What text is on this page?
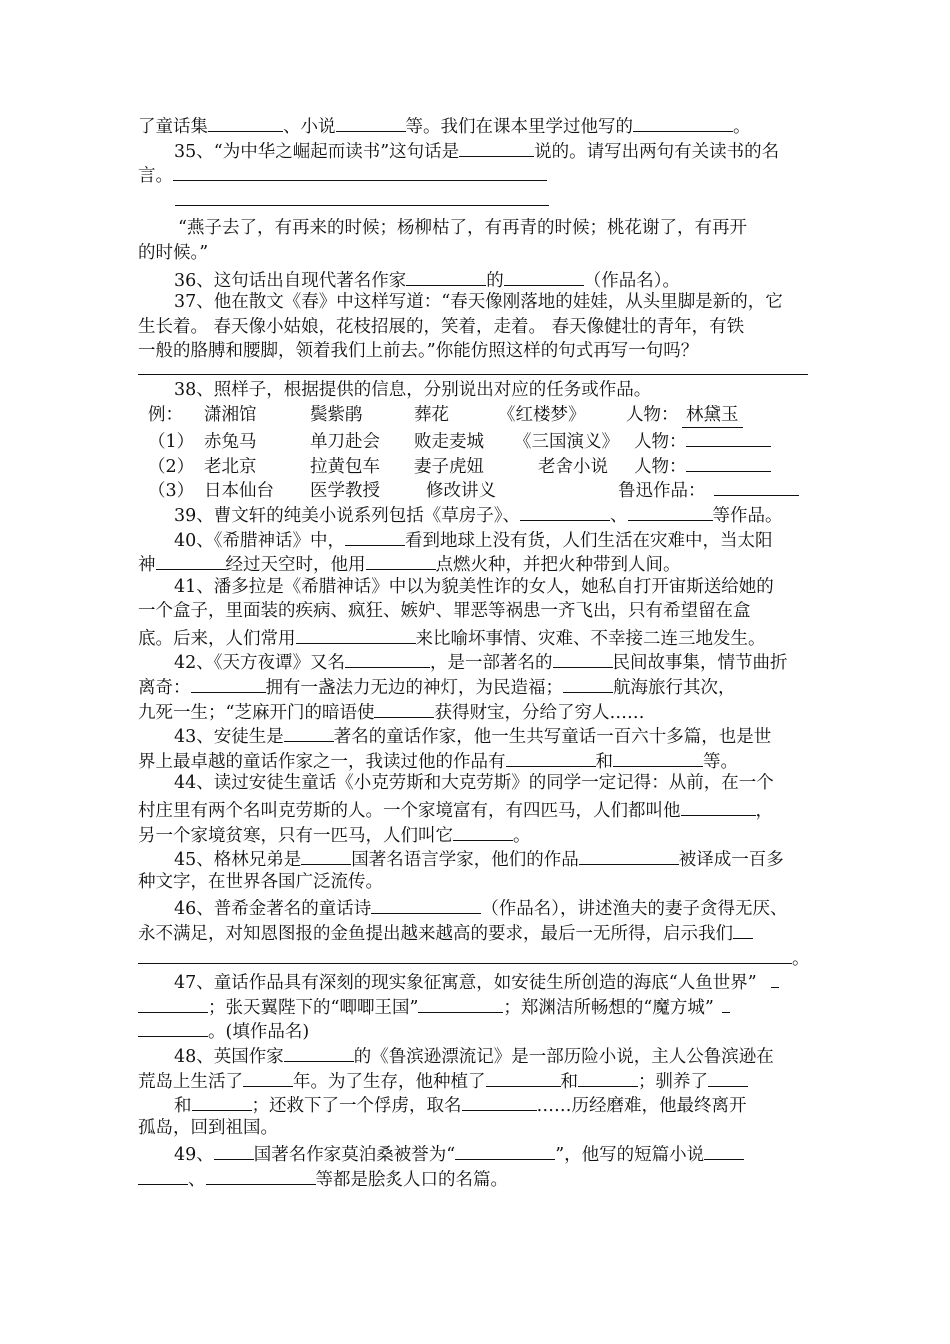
了童话集	、小说	等。我们在课本里学过他写的	。
35、“为中华之崛起而读书”这句话是	说的。请写出两句有关读书的名
言。
“燕子去了，有再来的时候；杨柳枯了，有再青的时候；桃花谢了，有再开
的时候。”
36、这句话出自现代著名作家	的	（作品名）。
37、他在散文《春》中这样写道：“春天像刚落地的娃娃，从头里脚是新的，它
生长着。 春天像小姑娘，花枝招展的，笑着，走着。 春天像健壮的青年，有铁
一般的胳膊和腰脚，领着我们上前去。”你能仿照这样的句式再写一句吗？
38、照样子，根据提供的信息，分别说出对应的任务或作品。
例： 潇湘馆	鬓紫鹃	葬花	《红楼梦》 人物： 林黛玉
（1） 赤兔马	单刀赴会 败走麦城 《三国演义》 人物：
（2） 老北京	拉黄包车 妻子虎妞	老舍小说 人物：
（3） 日本仙台 医学教授	修改讲义	鲁迅作品：
39、曹文轩的纯美小说系列包括《草房子》、	、	等作品。
40、《希腊神话》中，	看到地球上没有货，人们生活在灾难中，当太阳
神	经过天空时，他用	点燃火种，并把火种带到人间。
41、潘多拉是《希腊神话》中以为貌美性诈的女人，她私自打开宙斯送给她的
一个盒子，里面装的疾病、疯狂、嫉妒、罪恶等祸患一齐飞出，只有希望留在盒
底。后来，人们常用	来比喻坏事情、灾难、不幸接二连三地发生。
42、《天方夜谭》又名	，是一部著名的	民间故事集，情节曲折
离奇：	拥有一盏法力无边的神灯，为民造福；	航海旅行其次，
九死一生；“芝麻开门的暗语使	获得财宝，分给了穷人……
43、安徒生是	著名的童话作家，他一生共写童话一百六十多篇，也是世
界上最卓越的童话作家之一，我读过他的作品有	和	等。
44、读过安徒生童话《小克劳斯和大克劳斯》的同学一定记得：从前，在一个
村庄里有两个名叫克劳斯的人。一个家境富有，有四匹马，人们都叫他	，
另一个家境贫寒，只有一匹马，人们叫它	。
45、格林兄弟是	国著名语言学家，他们的作品	被译成一百多
种文字，在世界各国广泛流传。
46、普希金著名的童话诗	（作品名），讲述渔夫的妻子贪得无厌、
永不满足，对知恩图报的金鱼提出越来越高的要求，最后一无所得，启示我们
。
47、童话作品具有深刻的现实象征寓意，如安徒生所创造的海底“人鱼世界”
；张天翼陛下的“唧唧王国”	；郑渊洁所畅想的“魔方城”
。(填作品名)
48、英国作家	的《鲁滨逊漂流记》是一部历险小说，主人公鲁滨逊在
荒岛上生活了	年。为了生存，他种植了	和	；驯养了
和	；还救下了一个俘虏，取名	……历经磨难，他最终离开
孤岛，回到祖国。
49、 国著名作家莫泊桑被誉为“	”，他写的短篇小说
、	等都是脍炙人口的名篇。
